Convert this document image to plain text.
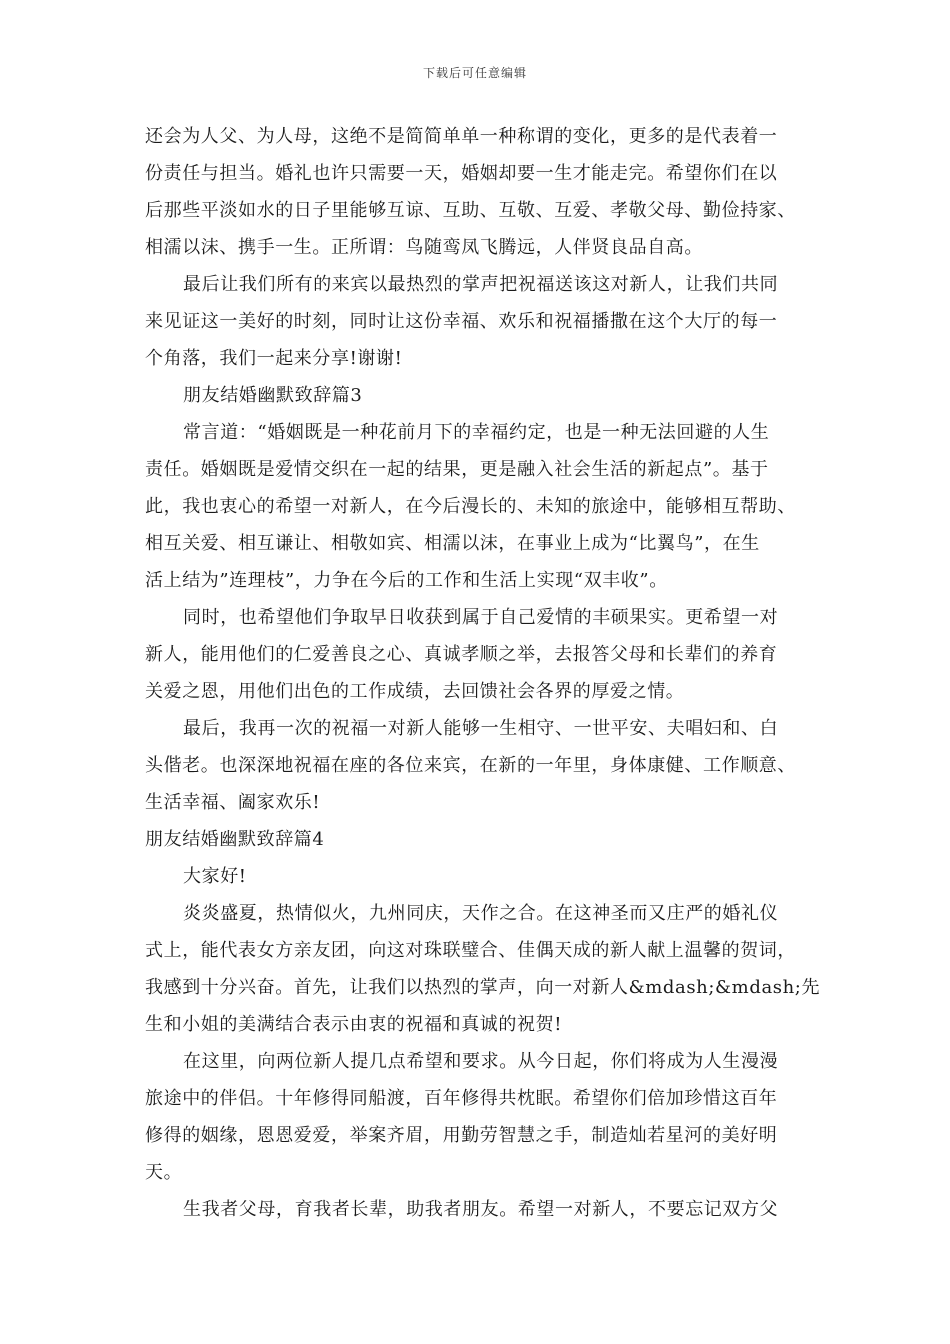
下载后可任意编辑
还会为人父、为人母，这绝不是简简单单一种称谓的变化，更多的是代表着一
份责任与担当。婚礼也许只需要一天，婚姻却要一生才能走完。希望你们在以
后那些平淡如水的日子里能够互谅、互助、互敬、互爱、孝敬父母、勤俭持家、
相濡以沫、携手一生。正所谓：鸟随鸾凤飞腾远，人伴贤良品自高。
最后让我们所有的来宾以最热烈的掌声把祝福送该这对新人，让我们共同
来见证这一美好的时刻，同时让这份幸福、欢乐和祝福播撒在这个大厅的每一
个角落，我们一起来分享!谢谢!
朋友结婚幽默致辞篇3
常言道：“婚姻既是一种花前月下的幸福约定，也是一种无法回避的人生
责任。婚姻既是爱情交织在一起的结果，更是融入社会生活的新起点”。基于
此，我也衷心的希望一对新人，在今后漫长的、未知的旅途中，能够相互帮助、
相互关爱、相互谦让、相敬如宾、相濡以沫，在事业上成为“比翼鸟”，在生
活上结为”连理枝”，力争在今后的工作和生活上实现“双丰收”。
同时，也希望他们争取早日收获到属于自己爱情的丰硕果实。更希望一对
新人，能用他们的仁爱善良之心、真诚孝顺之举，去报答父母和长辈们的养育
关爱之恩，用他们出色的工作成绩，去回馈社会各界的厚爱之情。
最后，我再一次的祝福一对新人能够一生相守、一世平安、夫唱妇和、白
头偕老。也深深地祝福在座的各位来宾，在新的一年里，身体康健、工作顺意、
生活幸福、阖家欢乐!
朋友结婚幽默致辞篇4
大家好!
炎炎盛夏，热情似火，九州同庆，天作之合。在这神圣而又庄严的婚礼仪
式上，能代表女方亲友团，向这对珠联璧合、佳偶天成的新人献上温馨的贺词，
我感到十分兴奋。首先，让我们以热烈的掌声，向一对新人&mdash;&mdash;先
生和小姐的美满结合表示由衷的祝福和真诚的祝贺!
在这里，向两位新人提几点希望和要求。从今日起，你们将成为人生漫漫
旅途中的伴侣。十年修得同船渡，百年修得共枕眠。希望你们倍加珍惜这百年
修得的姻缘，恩恩爱爱，举案齐眉，用勤劳智慧之手，制造灿若星河的美好明
天。
生我者父母，育我者长辈，助我者朋友。希望一对新人，不要忘记双方父
